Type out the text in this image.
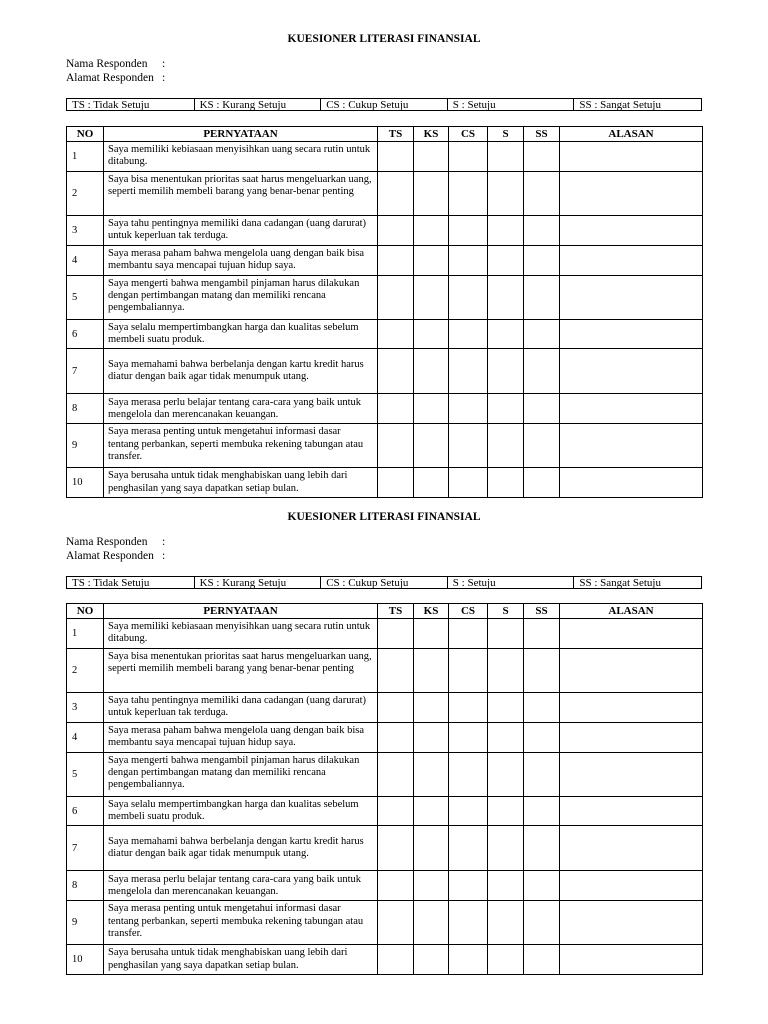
KUESIONER LITERASI FINANSIAL
Nama Responden :
Alamat Responden :
TS : Tidak Setuju	KS : Kurang Setuju	CS : Cukup Setuju	S : Setuju	SS : Sangat Setuju
NO	PERNYATAAN	TS	KS	CS	S	SS	ALASAN
1	Saya memiliki kebiasaan menyisihkan uang secara rutin untuk ditabung.						
2	Saya bisa menentukan prioritas saat harus mengeluarkan uang, seperti memilih membeli barang yang benar-benar penting						
3	Saya tahu pentingnya memiliki dana cadangan (uang darurat) untuk keperluan tak terduga.						
4	Saya merasa paham bahwa mengelola uang dengan baik bisa membantu saya mencapai tujuan hidup saya.						
5	Saya mengerti bahwa mengambil pinjaman harus dilakukan dengan pertimbangan matang dan memiliki rencana pengembaliannya.						
6	Saya selalu mempertimbangkan harga dan kualitas sebelum membeli suatu produk.						
7	Saya memahami bahwa berbelanja dengan kartu kredit harus diatur dengan baik agar tidak menumpuk utang.						
8	Saya merasa perlu belajar tentang cara-cara yang baik untuk mengelola dan merencanakan keuangan.						
9	Saya merasa penting untuk mengetahui informasi dasar tentang perbankan, seperti membuka rekening tabungan atau transfer.						
10	Saya berusaha untuk tidak menghabiskan uang lebih dari penghasilan yang saya dapatkan setiap bulan.						
KUESIONER LITERASI FINANSIAL
Nama Responden :
Alamat Responden :
TS : Tidak Setuju	KS : Kurang Setuju	CS : Cukup Setuju	S : Setuju	SS : Sangat Setuju
NO	PERNYATAAN	TS	KS	CS	S	SS	ALASAN
1	Saya memiliki kebiasaan menyisihkan uang secara rutin untuk ditabung.						
2	Saya bisa menentukan prioritas saat harus mengeluarkan uang, seperti memilih membeli barang yang benar-benar penting						
3	Saya tahu pentingnya memiliki dana cadangan (uang darurat) untuk keperluan tak terduga.						
4	Saya merasa paham bahwa mengelola uang dengan baik bisa membantu saya mencapai tujuan hidup saya.						
5	Saya mengerti bahwa mengambil pinjaman harus dilakukan dengan pertimbangan matang dan memiliki rencana pengembaliannya.						
6	Saya selalu mempertimbangkan harga dan kualitas sebelum membeli suatu produk.						
7	Saya memahami bahwa berbelanja dengan kartu kredit harus diatur dengan baik agar tidak menumpuk utang.						
8	Saya merasa perlu belajar tentang cara-cara yang baik untuk mengelola dan merencanakan keuangan.						
9	Saya merasa penting untuk mengetahui informasi dasar tentang perbankan, seperti membuka rekening tabungan atau transfer.						
10	Saya berusaha untuk tidak menghabiskan uang lebih dari penghasilan yang saya dapatkan setiap bulan.						
